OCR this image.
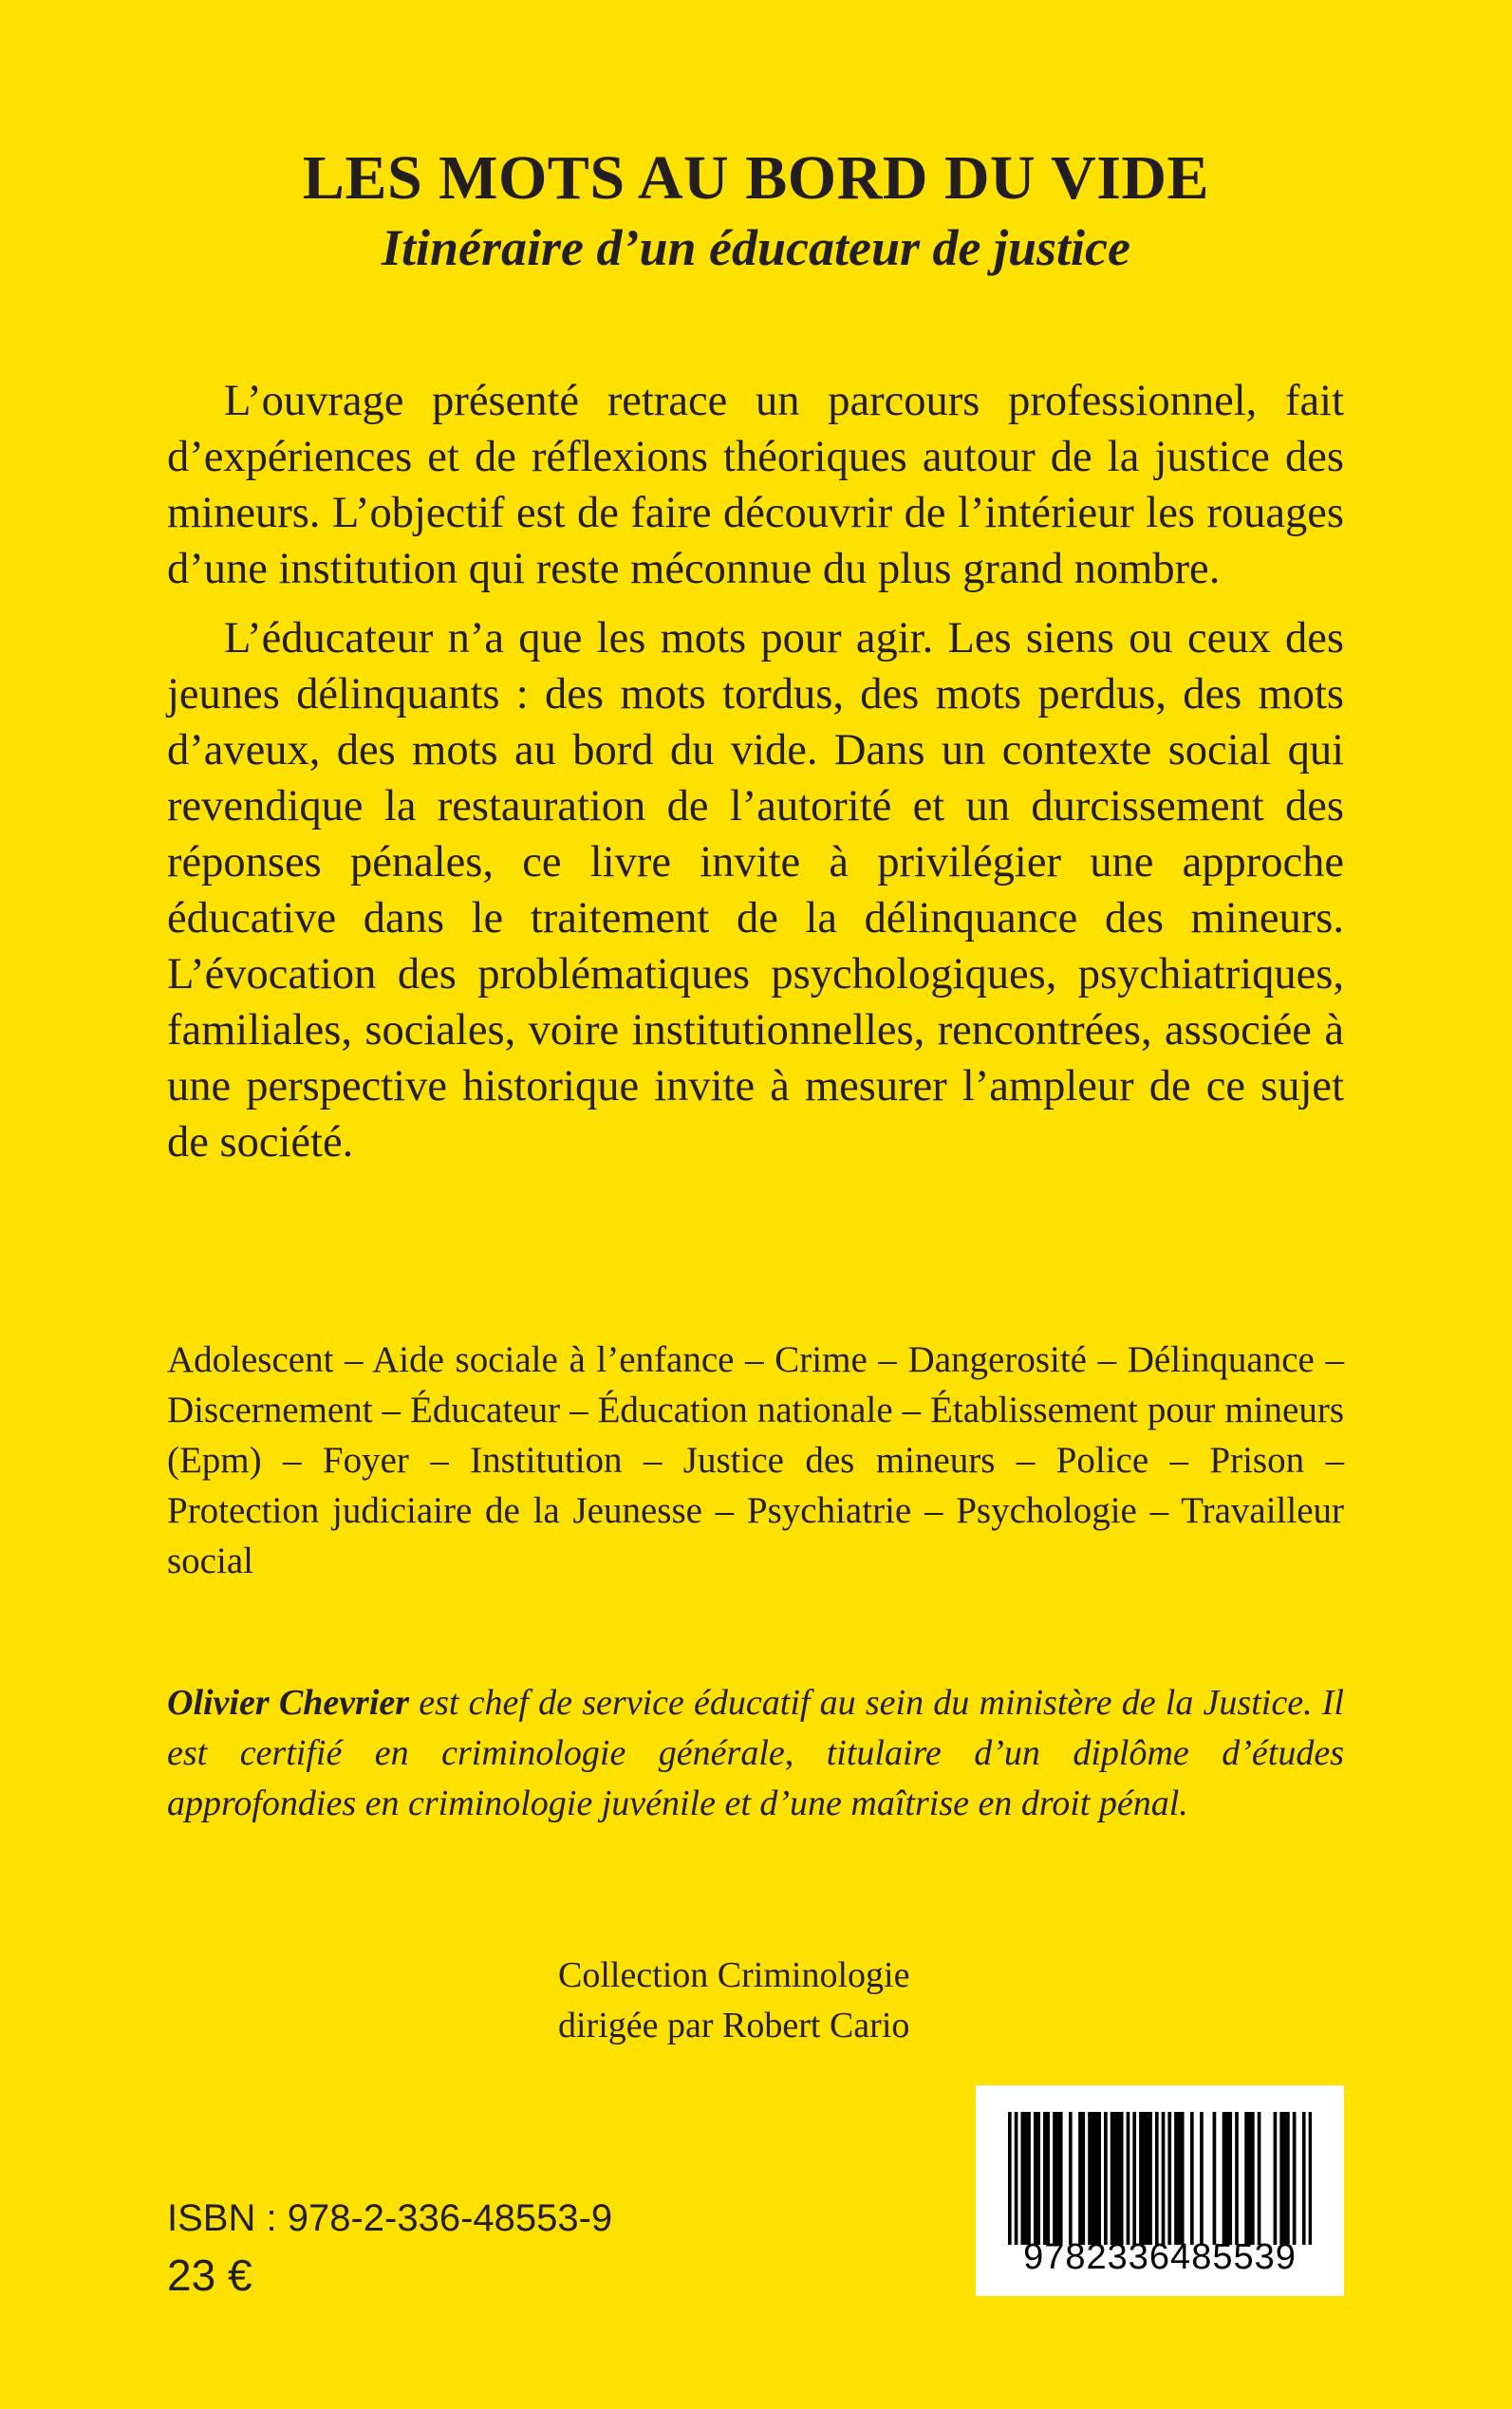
LES MOTS AU BORD DU VIDE
Itinéraire d’un éducateur de justice

L’ouvrage présenté retrace un parcours professionnel, fait d’expériences et de réflexions théoriques autour de la justice des mineurs. L’objectif est de faire découvrir de l’intérieur les rouages d’une institution qui reste méconnue du plus grand nombre.

L’éducateur n’a que les mots pour agir. Les siens ou ceux des jeunes délinquants : des mots tordus, des mots perdus, des mots d’aveux, des mots au bord du vide. Dans un contexte social qui revendique la restauration de l’autorité et un durcissement des réponses pénales, ce livre invite à privilégier une approche éducative dans le traitement de la délinquance des mineurs. L’évocation des problématiques psychologiques, psychiatriques, familiales, sociales, voire institutionnelles, rencontrées, associée à une perspective historique invite à mesurer l’ampleur de ce sujet de société.

Adolescent – Aide sociale à l’enfance – Crime – Dangerosité – Délinquance – Discernement – Éducateur – Éducation nationale – Établissement pour mineurs (Epm) – Foyer – Institution – Justice des mineurs – Police – Prison – Protection judiciaire de la Jeunesse – Psychiatrie – Psychologie – Travailleur social
Olivier Chevrier est chef de service éducatif au sein du ministère de la Justice. Il est certifié en criminologie générale, titulaire d’un diplôme d’études approfondies en criminologie juvénile et d’une maîtrise en droit pénal.
Collection Criminologie
dirigée par Robert Cario
ISBN : 978-2-336-48553-9
23 €	9782336485539
